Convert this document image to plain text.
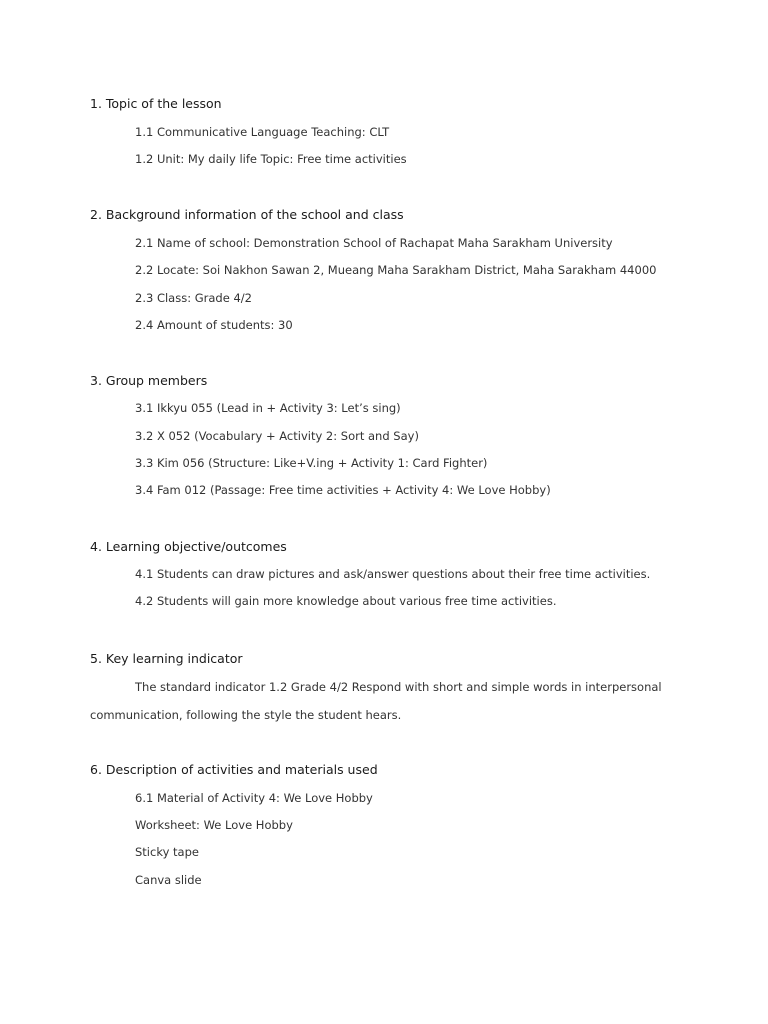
1. Topic of the lesson
1.1 Communicative Language Teaching: CLT
1.2 Unit: My daily life Topic: Free time activities
2. Background information of the school and class
2.1 Name of school: Demonstration School of Rachapat Maha Sarakham University
2.2 Locate: Soi Nakhon Sawan 2, Mueang Maha Sarakham District, Maha Sarakham 44000
2.3 Class: Grade 4/2
2.4 Amount of students: 30
3. Group members
3.1 Ikkyu 055 (Lead in + Activity 3: Let’s sing)
3.2 X 052 (Vocabulary + Activity 2: Sort and Say)
3.3 Kim 056 (Structure: Like+V.ing + Activity 1: Card Fighter)
3.4 Fam 012 (Passage: Free time activities + Activity 4: We Love Hobby)
4. Learning objective/outcomes
4.1 Students can draw pictures and ask/answer questions about their free time activities.
4.2 Students will gain more knowledge about various free time activities.
5. Key learning indicator
The standard indicator 1.2 Grade 4/2 Respond with short and simple words in interpersonal
communication, following the style the student hears.
6. Description of activities and materials used
6.1 Material of Activity 4: We Love Hobby
Worksheet: We Love Hobby
Sticky tape
Canva slide
